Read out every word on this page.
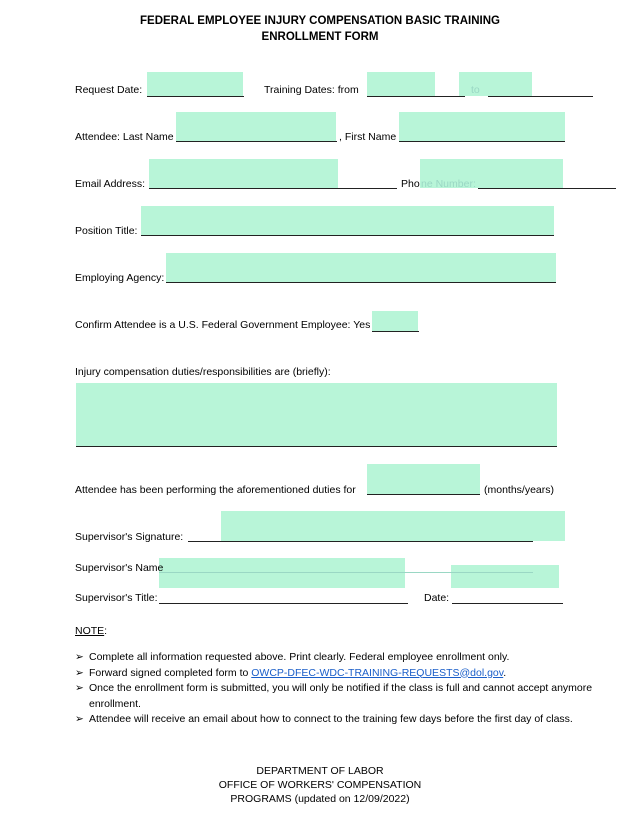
FEDERAL EMPLOYEE INJURY COMPENSATION BASIC TRAINING
ENROLLMENT FORM
Request Date:	Training Dates: from	to
Attendee: Last Name	, First Name
Email Address:	Pho ne Number:
Position Title:
Employing Agency:
Confirm Attendee is a U.S. Federal Government Employee: Yes
Injury compensation duties/responsibilities are (briefly):
Attendee has been performing the aforementioned duties for	(months/years)
Supervisor's Signature:
Supervisor's Name
Supervisor's Title:	Date:
NOTE:
➢ Complete all information requested above. Print clearly. Federal employee enrollment only.
➢ Forward signed completed form to OWCP-DFEC-WDC-TRAINING-REQUESTS@dol.gov.
➢ Once the enrollment form is submitted, you will only be notified if the class is full and cannot accept anymore enrollment.
➢ Attendee will receive an email about how to connect to the training few days before the first day of class.
DEPARTMENT OF LABOR
OFFICE OF WORKERS' COMPENSATION
PROGRAMS (updated on 12/09/2022)
